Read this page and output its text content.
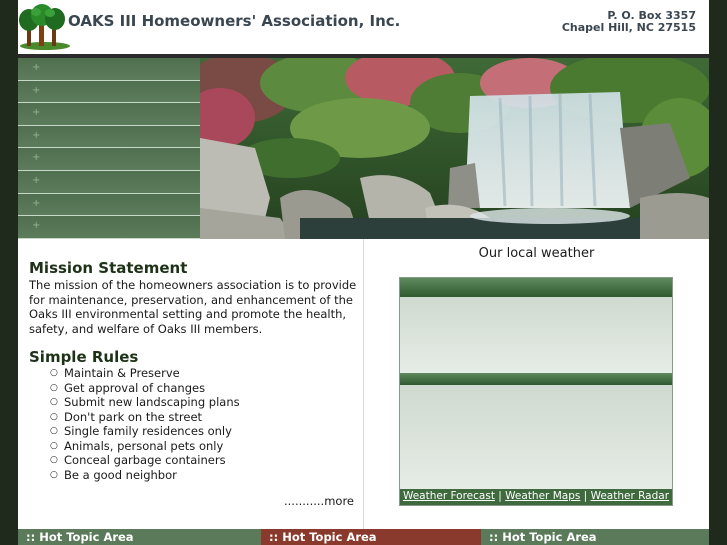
OAKS III Homeowners' Association, Inc.	P. O. Box 3357
Chapel Hill, NC 27515
+
+
+
+
+
+
+
+
Mission Statement
The mission of the homeowners association is to provide
for maintenance, preservation, and enhancement of the
Oaks III environmental setting and promote the health,
safety, and welfare of Oaks III members.
Simple Rules
○ Maintain & Preserve
○ Get approval of changes
○ Submit new landscaping plans
○ Don't park on the street
○ Single family residences only
○ Animals, personal pets only
○ Conceal garbage containers
○ Be a good neighbor
...........more
Our local weather
Weather Forecast | Weather Maps | Weather Radar
:: Hot Topic Area	:: Hot Topic Area	:: Hot Topic Area
